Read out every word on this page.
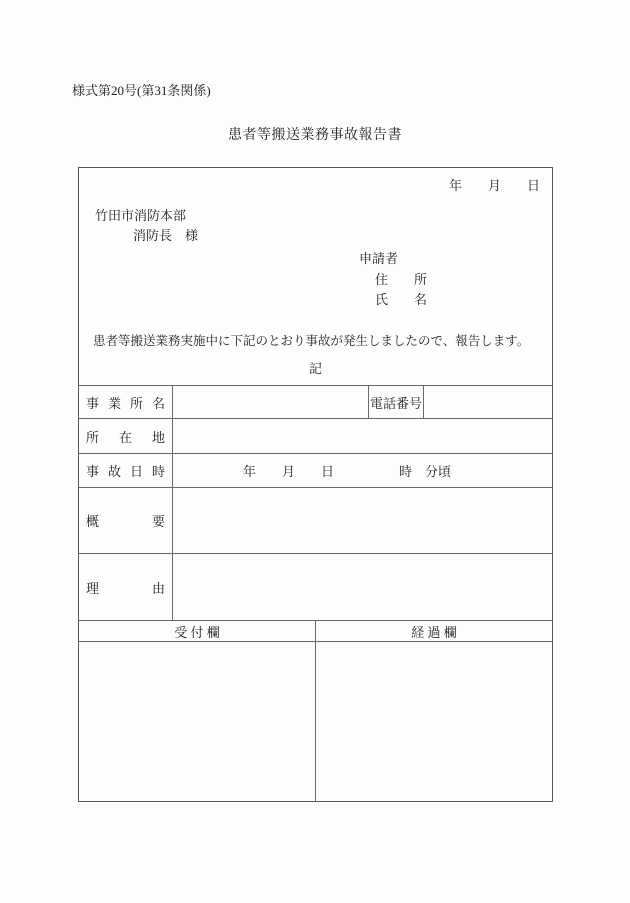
様式第20号(第31条関係)
患者等搬送業務事故報告書
年　　月　　日
竹田市消防本部
消防長　様
申請者
住　　所
氏　　名
患者等搬送業務実施中に下記のとおり事故が発生しましたので、報告します。
記
事業所名	電話番号
所在地
事故日時	年　　月　　日　　　　　時　分頃
概要
理由
受 付 欄	経 過 欄
